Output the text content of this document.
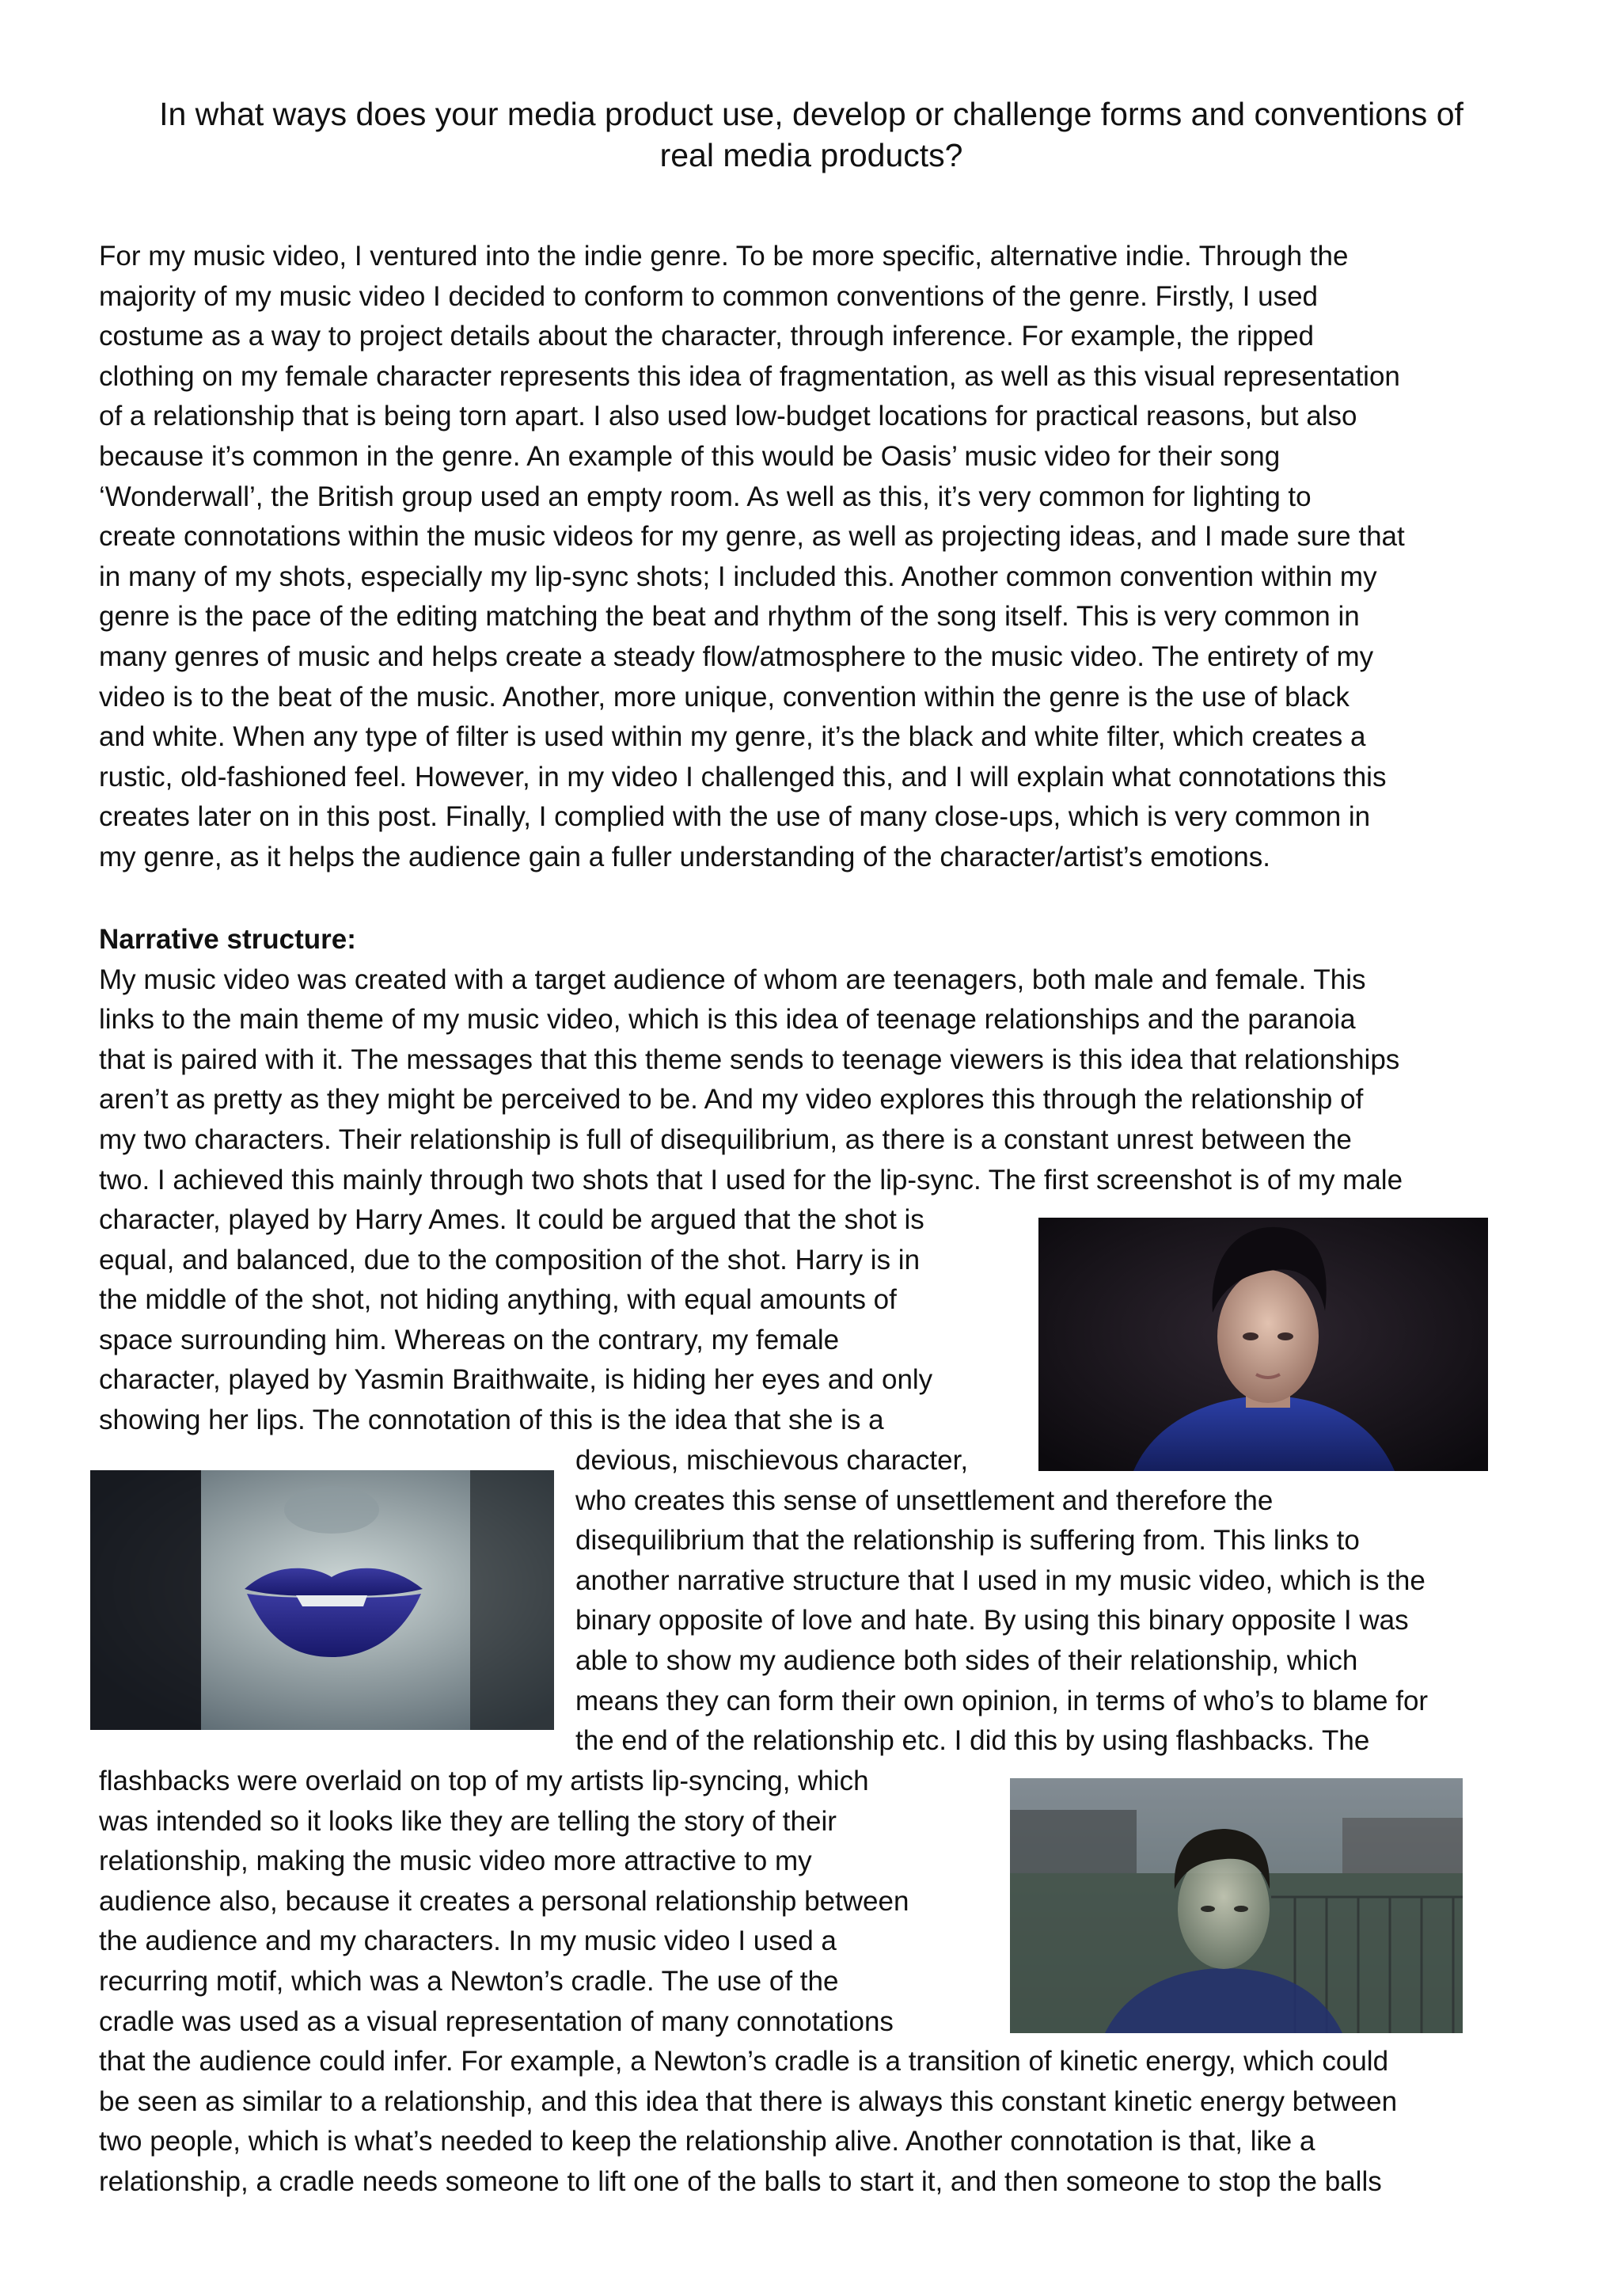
In what ways does your media product use, develop or challenge forms and conventions of
real media products?
For my music video, I ventured into the indie genre. To be more specific, alternative indie. Through the
majority of my music video I decided to conform to common conventions of the genre. Firstly, I used
costume as a way to project details about the character, through inference. For example, the ripped
clothing on my female character represents this idea of fragmentation, as well as this visual representation
of a relationship that is being torn apart. I also used low-budget locations for practical reasons, but also
because it’s common in the genre. An example of this would be Oasis’ music video for their song
‘Wonderwall’, the British group used an empty room. As well as this, it’s very common for lighting to
create connotations within the music videos for my genre, as well as projecting ideas, and I made sure that
in many of my shots, especially my lip-sync shots; I included this. Another common convention within my
genre is the pace of the editing matching the beat and rhythm of the song itself. This is very common in
many genres of music and helps create a steady flow/atmosphere to the music video. The entirety of my
video is to the beat of the music. Another, more unique, convention within the genre is the use of black
and white. When any type of filter is used within my genre, it’s the black and white filter, which creates a
rustic, old-fashioned feel. However, in my video I challenged this, and I will explain what connotations this
creates later on in this post. Finally, I complied with the use of many close-ups, which is very common in
my genre, as it helps the audience gain a fuller understanding of the character/artist’s emotions.
Narrative structure:
My music video was created with a target audience of whom are teenagers, both male and female. This
links to the main theme of my music video, which is this idea of teenage relationships and the paranoia
that is paired with it. The messages that this theme sends to teenage viewers is this idea that relationships
aren’t as pretty as they might be perceived to be. And my video explores this through the relationship of
my two characters. Their relationship is full of disequilibrium, as there is a constant unrest between the
two. I achieved this mainly through two shots that I used for the lip-sync. The first screenshot is of my male
character, played by Harry Ames. It could be argued that the shot is
equal, and balanced, due to the composition of the shot. Harry is in
the middle of the shot, not hiding anything, with equal amounts of
space surrounding him. Whereas on the contrary, my female
character, played by Yasmin Braithwaite, is hiding her eyes and only
showing her lips. The connotation of this is the idea that she is a
devious, mischievous character,
who creates this sense of unsettlement and therefore the
disequilibrium that the relationship is suffering from. This links to
another narrative structure that I used in my music video, which is the
binary opposite of love and hate. By using this binary opposite I was
able to show my audience both sides of their relationship, which
means they can form their own opinion, in terms of who’s to blame for
the end of the relationship etc. I did this by using flashbacks. The
flashbacks were overlaid on top of my artists lip-syncing, which
was intended so it looks like they are telling the story of their
relationship, making the music video more attractive to my
audience also, because it creates a personal relationship between
the audience and my characters. In my music video I used a
recurring motif, which was a Newton’s cradle. The use of the
cradle was used as a visual representation of many connotations
that the audience could infer. For example, a Newton’s cradle is a transition of kinetic energy, which could
be seen as similar to a relationship, and this idea that there is always this constant kinetic energy between
two people, which is what’s needed to keep the relationship alive. Another connotation is that, like a
relationship, a cradle needs someone to lift one of the balls to start it, and then someone to stop the balls
